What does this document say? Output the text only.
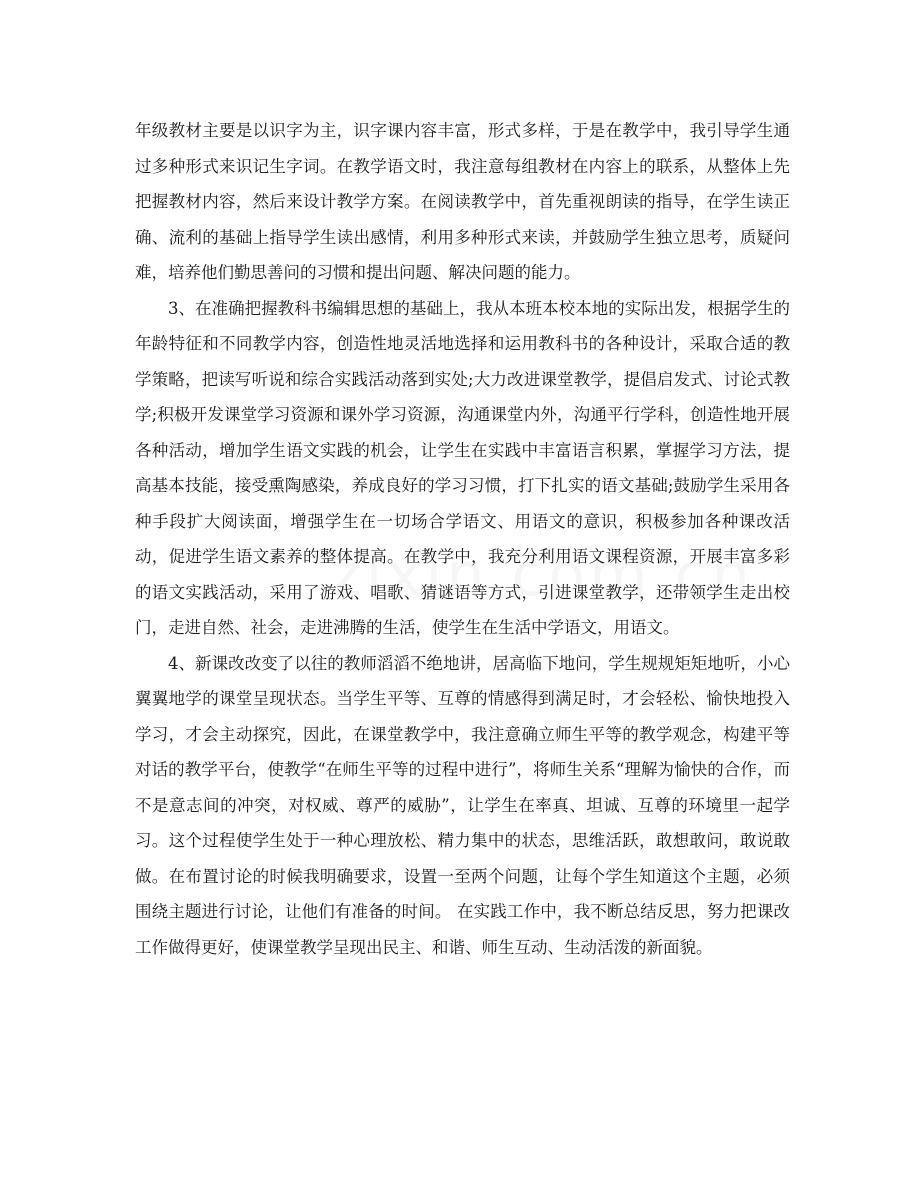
年级教材主要是以识字为主，识字课内容丰富，形式多样，于是在教学中，我引导学生通过多种形式来识记生字词。在教学语文时，我注意每组教材在内容上的联系，从整体上先把握教材内容，然后来设计教学方案。在阅读教学中，首先重视朗读的指导，在学生读正确、流利的基础上指导学生读出感情，利用多种形式来读，并鼓励学生独立思考，质疑问难，培养他们勤思善问的习惯和提出问题、解决问题的能力。

3、在准确把握教科书编辑思想的基础上，我从本班本校本地的实际出发，根据学生的年龄特征和不同教学内容，创造性地灵活地选择和运用教科书的各种设计，采取合适的教学策略，把读写听说和综合实践活动落到实处;大力改进课堂教学，提倡启发式、讨论式教学;积极开发课堂学习资源和课外学习资源，沟通课堂内外，沟通平行学科，创造性地开展各种活动，增加学生语文实践的机会，让学生在实践中丰富语言积累，掌握学习方法，提高基本技能，接受熏陶感染，养成良好的学习习惯，打下扎实的语文基础;鼓励学生采用各种手段扩大阅读面，增强学生在一切场合学语文、用语文的意识，积极参加各种课改活动，促进学生语文素养的整体提高。在教学中，我充分利用语文课程资源，开展丰富多彩的语文实践活动，采用了游戏、唱歌、猜谜语等方式，引进课堂教学，还带领学生走出校门，走进自然、社会，走进沸腾的生活，使学生在生活中学语文，用语文。

4、新课改改变了以往的教师滔滔不绝地讲，居高临下地问，学生规规矩矩地听，小心翼翼地学的课堂呈现状态。当学生平等、互尊的情感得到满足时，才会轻松、愉快地投入学习，才会主动探究，因此，在课堂教学中，我注意确立师生平等的教学观念，构建平等对话的教学平台，使教学“在师生平等的过程中进行”，将师生关系“理解为愉快的合作，而不是意志间的冲突，对权威、尊严的威胁”，让学生在率真、坦诚、互尊的环境里一起学习。这个过程使学生处于一种心理放松、精力集中的状态，思维活跃，敢想敢问，敢说敢做。在布置讨论的时候我明确要求，设置一至两个问题，让每个学生知道这个主题，必须围绕主题进行讨论，让他们有准备的时间。 在实践工作中，我不断总结反思，努力把课改工作做得更好，使课堂教学呈现出民主、和谐、师生互动、生动活泼的新面貌。
